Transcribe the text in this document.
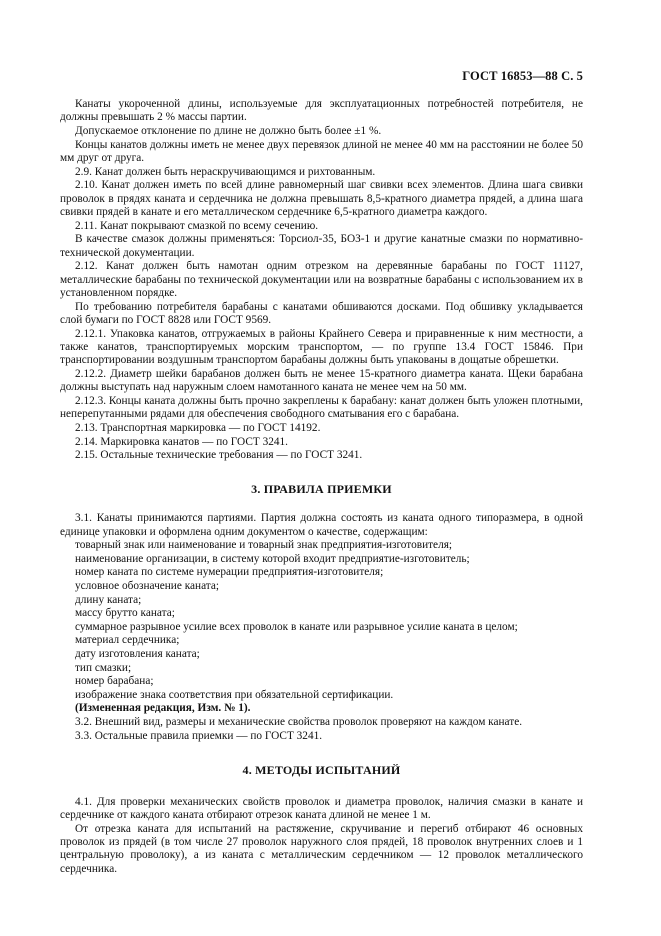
ГОСТ 16853—88 С. 5

Канаты укороченной длины, используемые для эксплуатационных потребностей потребителя, не должны превышать 2 % массы партии.

Допускаемое отклонение по длине не должно быть более ±1 %.

Концы канатов должны иметь не менее двух перевязок длиной не менее 40 мм на расстоянии не более 50 мм друг от друга.

2.9. Канат должен быть нераскручивающимся и рихтованным.

2.10. Канат должен иметь по всей длине равномерный шаг свивки всех элементов. Длина шага свивки проволок в прядях каната и сердечника не должна превышать 8,5-кратного диаметра прядей, а длина шага свивки прядей в канате и его металлическом сердечнике 6,5-кратного диаметра каждого.

2.11. Канат покрывают смазкой по всему сечению.

В качестве смазок должны применяться: Торсиол-35, БОЗ-1 и другие канатные смазки по нормативно-технической документации.

2.12. Канат должен быть намотан одним отрезком на деревянные барабаны по ГОСТ 11127, металлические барабаны по технической документации или на возвратные барабаны с использованием их в установленном порядке.

По требованию потребителя барабаны с канатами обшиваются досками. Под обшивку укладывается слой бумаги по ГОСТ 8828 или ГОСТ 9569.

2.12.1. Упаковка канатов, отгружаемых в районы Крайнего Севера и приравненные к ним местности, а также канатов, транспортируемых морским транспортом, — по группе 13.4 ГОСТ 15846. При транспортировании воздушным транспортом барабаны должны быть упакованы в дощатые обрешетки.

2.12.2. Диаметр шейки барабанов должен быть не менее 15-кратного диаметра каната. Щеки барабана должны выступать над наружным слоем намотанного каната не менее чем на 50 мм.

2.12.3. Концы каната должны быть прочно закреплены к барабану: канат должен быть уложен плотными, неперепутанными рядами для обеспечения свободного сматывания его с барабана.

2.13. Транспортная маркировка — по ГОСТ 14192.

2.14. Маркировка канатов — по ГОСТ 3241.

2.15. Остальные технические требования — по ГОСТ 3241.

3. ПРАВИЛА ПРИЕМКИ

3.1. Канаты принимаются партиями. Партия должна состоять из каната одного типоразмера, в одной единице упаковки и оформлена одним документом о качестве, содержащим:

товарный знак или наименование и товарный знак предприятия-изготовителя;

наименование организации, в систему которой входит предприятие-изготовитель;

номер каната по системе нумерации предприятия-изготовителя;

условное обозначение каната;

длину каната;

массу брутто каната;

суммарное разрывное усилие всех проволок в канате или разрывное усилие каната в целом;

материал сердечника;

дату изготовления каната;

тип смазки;

номер барабана;

изображение знака соответствия при обязательной сертификации.

(Измененная редакция, Изм. № 1).

3.2. Внешний вид, размеры и механические свойства проволок проверяют на каждом канате.

3.3. Остальные правила приемки — по ГОСТ 3241.

4. МЕТОДЫ ИСПЫТАНИЙ

4.1. Для проверки механических свойств проволок и диаметра проволок, наличия смазки в канате и сердечнике от каждого каната отбирают отрезок каната длиной не менее 1 м.

От отрезка каната для испытаний на растяжение, скручивание и перегиб отбирают 46 основных проволок из прядей (в том числе 27 проволок наружного слоя прядей, 18 проволок внутренних слоев и 1 центральную проволоку), а из каната с металлическим сердечником — 12 проволок металлического сердечника.
